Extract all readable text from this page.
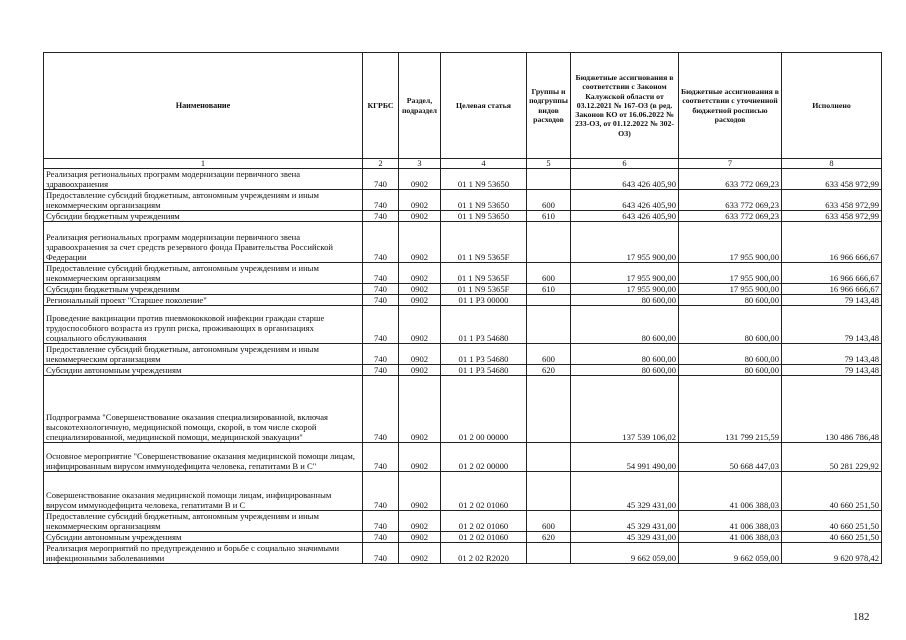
Наименование	КГРБС	Раздел, подраздел	Целевая статья	Группы и подгруппы видов расходов	Бюджетные ассигнования в соответствии с Законом Калужской области от 03.12.2021 № 167-ОЗ (в ред. Законов КО от 16.06.2022 № 233-ОЗ, от 01.12.2022 № 302-ОЗ)	Бюджетные ассигнования в соответствии с уточненной бюджетной росписью расходов	Исполнено
1	2	3	4	5	6	7	8
Реализация региональных программ модернизации первичного звена здравоохранения	740	0902	01 1 N9 53650		643 426 405,90	633 772 069,23	633 458 972,99
Предоставление субсидий бюджетным, автономным учреждениям и иным некоммерческим организациям	740	0902	01 1 N9 53650	600	643 426 405,90	633 772 069,23	633 458 972,99
Субсидии бюджетным учреждениям	740	0902	01 1 N9 53650	610	643 426 405,90	633 772 069,23	633 458 972,99
Реализация региональных программ модернизации первичного звена здравоохранения за счет средств резервного фонда Правительства Российской Федерации	740	0902	01 1 N9 5365F		17 955 900,00	17 955 900,00	16 966 666,67
Предоставление субсидий бюджетным, автономным учреждениям и иным некоммерческим организациям	740	0902	01 1 N9 5365F	600	17 955 900,00	17 955 900,00	16 966 666,67
Субсидии бюджетным учреждениям	740	0902	01 1 N9 5365F	610	17 955 900,00	17 955 900,00	16 966 666,67
Региональный проект "Старшее поколение"	740	0902	01 1 P3 00000		80 600,00	80 600,00	79 143,48
Проведение вакцинации против пневмококковой инфекции граждан старше трудоспособного возраста из групп риска, проживающих в организациях социального обслуживания	740	0902	01 1 P3 54680		80 600,00	80 600,00	79 143,48
Предоставление субсидий бюджетным, автономным учреждениям и иным некоммерческим организациям	740	0902	01 1 P3 54680	600	80 600,00	80 600,00	79 143,48
Субсидии автономным учреждениям	740	0902	01 1 P3 54680	620	80 600,00	80 600,00	79 143,48
Подпрограмма "Совершенствование оказания специализированной, включая высокотехнологичную, медицинской помощи, скорой, в том числе скорой специализированной, медицинской помощи, медицинской эвакуации"	740	0902	01 2 00 00000		137 539 106,02	131 799 215,59	130 486 786,48
Основное мероприятие "Совершенствование оказания медицинской помощи лицам, инфицированным вирусом иммунодефицита человека, гепатитами В и С"	740	0902	01 2 02 00000		54 991 490,00	50 668 447,03	50 281 229,92
Совершенствование оказания медицинской помощи лицам, инфицированным вирусом иммунодефицита человека, гепатитами В и С	740	0902	01 2 02 01060		45 329 431,00	41 006 388,03	40 660 251,50
Предоставление субсидий бюджетным, автономным учреждениям и иным некоммерческим организациям	740	0902	01 2 02 01060	600	45 329 431,00	41 006 388,03	40 660 251,50
Субсидии автономным учреждениям	740	0902	01 2 02 01060	620	45 329 431,00	41 006 388,03	40 660 251,50
Реализация мероприятий по предупреждению и борьбе с социально значимыми инфекционными заболеваниями	740	0902	01 2 02 R2020		9 662 059,00	9 662 059,00	9 620 978,42
182
